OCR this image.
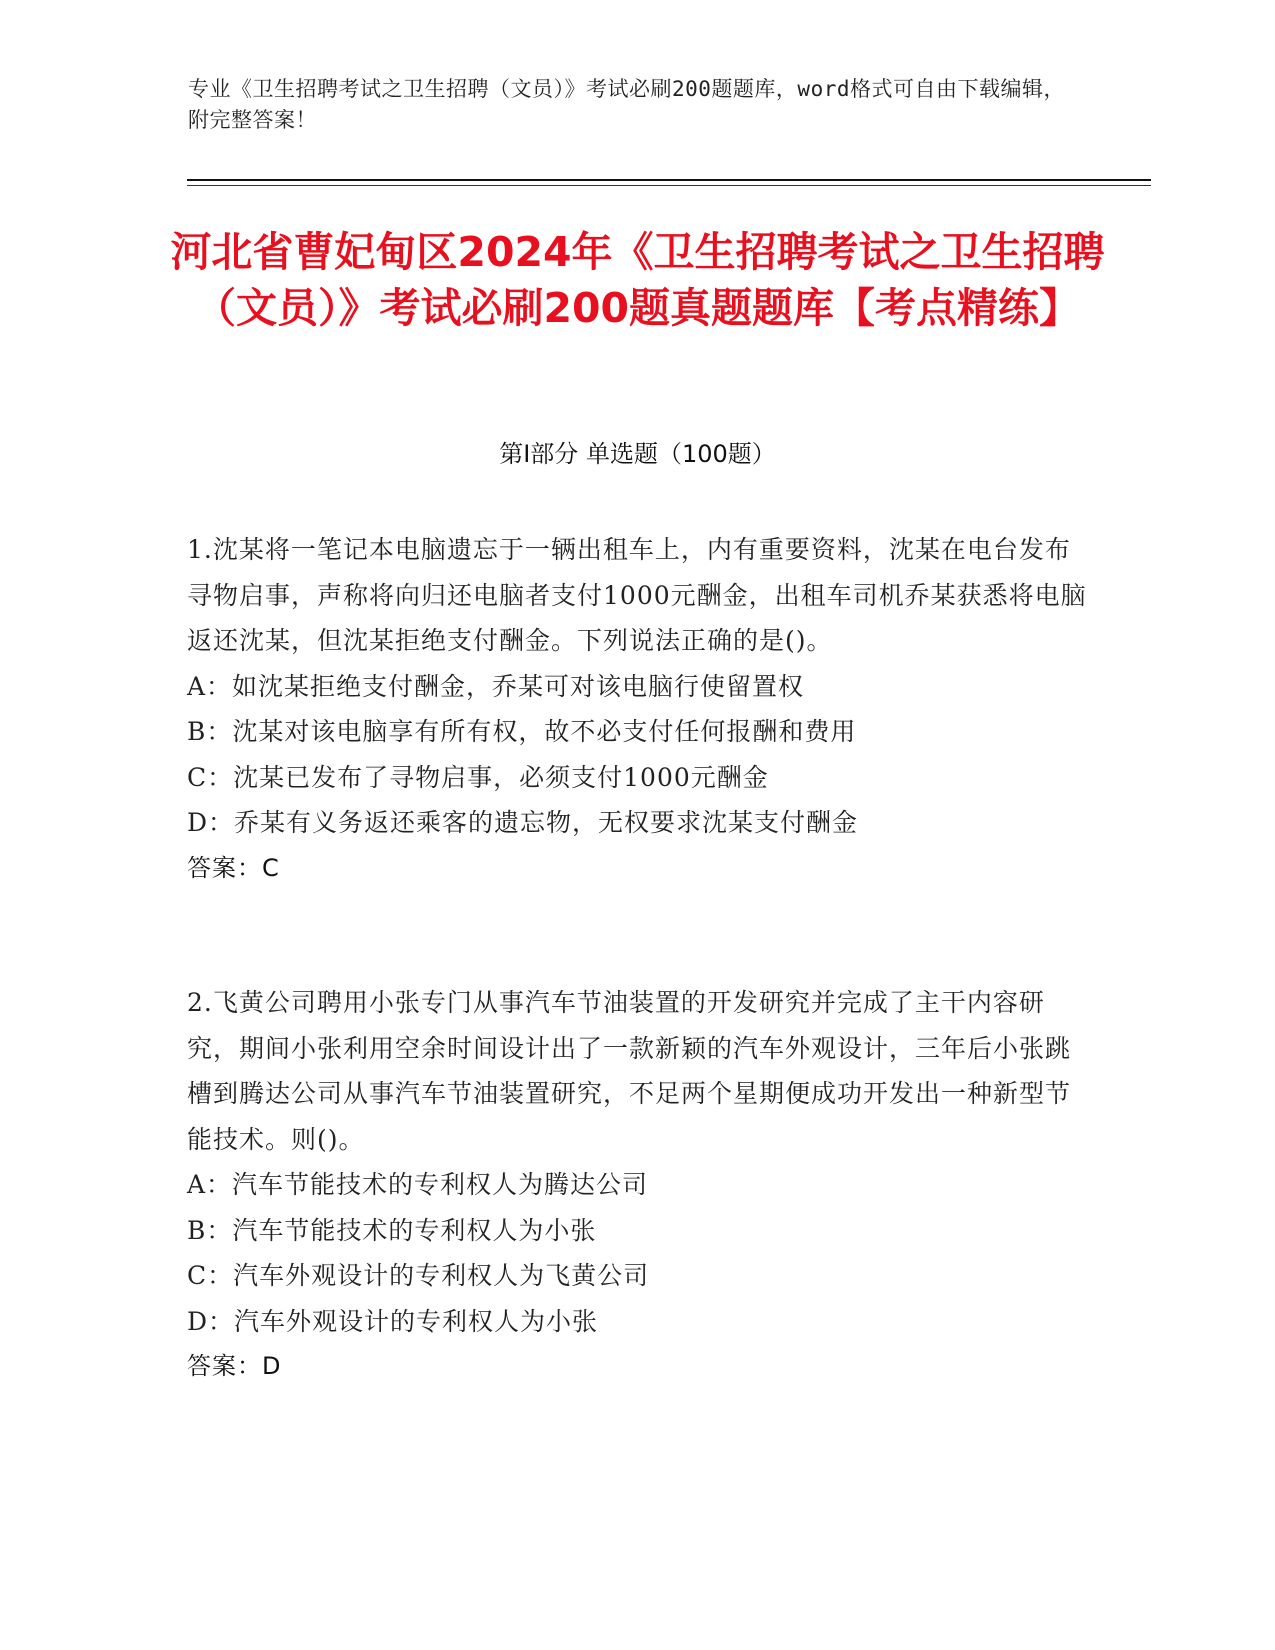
专业《卫生招聘考试之卫生招聘（文员）》考试必刷200题题库，word格式可自由下载编辑，附完整答案！
河北省曹妃甸区2024年《卫生招聘考试之卫生招聘（文员）》考试必刷200题真题题库【考点精练】
第Ⅰ部分 单选题（100题）
1.沈某将一笔记本电脑遗忘于一辆出租车上，内有重要资料，沈某在电台发布寻物启事，声称将向归还电脑者支付1000元酬金，出租车司机乔某获悉将电脑返还沈某，但沈某拒绝支付酬金。下列说法正确的是()。
A：如沈某拒绝支付酬金，乔某可对该电脑行使留置权
B：沈某对该电脑享有所有权，故不必支付任何报酬和费用
C：沈某已发布了寻物启事，必须支付1000元酬金
D：乔某有义务返还乘客的遗忘物，无权要求沈某支付酬金
答案：C
2.飞黄公司聘用小张专门从事汽车节油装置的开发研究并完成了主干内容研究，期间小张利用空余时间设计出了一款新颖的汽车外观设计，三年后小张跳槽到腾达公司从事汽车节油装置研究，不足两个星期便成功开发出一种新型节能技术。则()。
A：汽车节能技术的专利权人为腾达公司
B：汽车节能技术的专利权人为小张
C：汽车外观设计的专利权人为飞黄公司
D：汽车外观设计的专利权人为小张
答案：D
